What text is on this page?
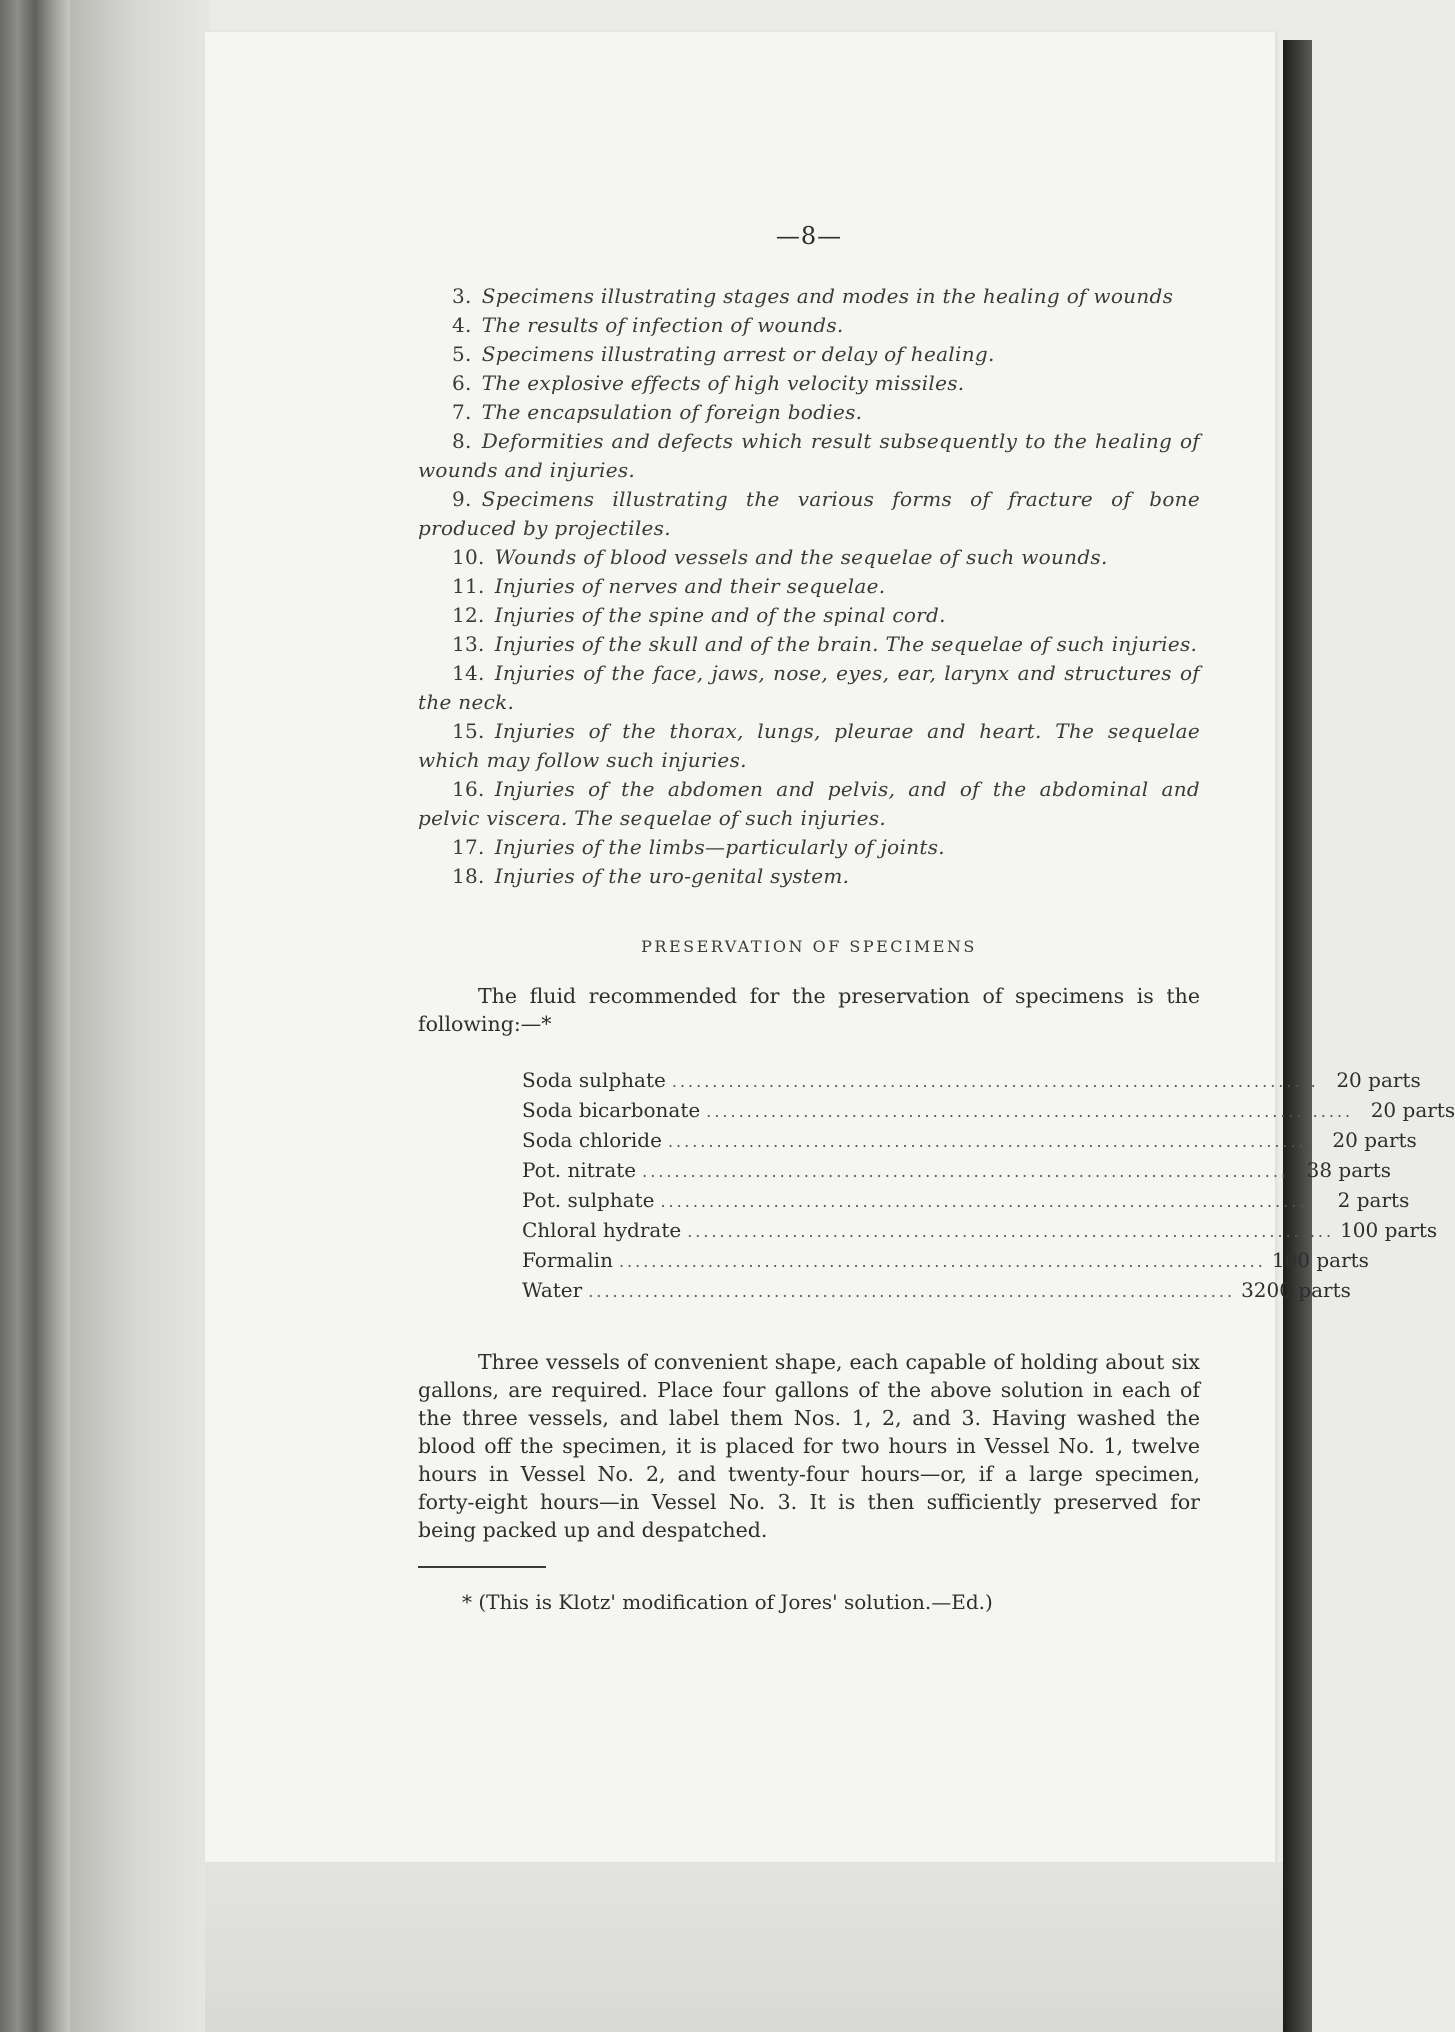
—8—
3. Specimens illustrating stages and modes in the healing of wounds
4. The results of infection of wounds.
5. Specimens illustrating arrest or delay of healing.
6. The explosive effects of high velocity missiles.
7. The encapsulation of foreign bodies.
8. Deformities and defects which result subsequently to the healing of wounds and injuries.
9. Specimens illustrating the various forms of fracture of bone produced by projectiles.
10. Wounds of blood vessels and the sequelae of such wounds.
11. Injuries of nerves and their sequelae.
12. Injuries of the spine and of the spinal cord.
13. Injuries of the skull and of the brain. The sequelae of such injuries.
14. Injuries of the face, jaws, nose, eyes, ear, larynx and structures of the neck.
15. Injuries of the thorax, lungs, pleurae and heart. The sequelae which may follow such injuries.
16. Injuries of the abdomen and pelvis, and of the abdominal and pelvic viscera. The sequelae of such injuries.
17. Injuries of the limbs—particularly of joints.
18. Injuries of the uro-genital system.
PRESERVATION OF SPECIMENS

The fluid recommended for the preservation of specimens is the following:—*

Soda sulphate ................................................................................ 20 parts
Soda bicarbonate ................................................................................ 20 parts
Soda chloride ................................................................................ 20 parts
Pot. nitrate ................................................................................ 38 parts
Pot. sulphate ................................................................................	2 parts
Chloral hydrate ................................................................................ 100 parts
Formalin ................................................................................ 100 parts
Water ................................................................................ 3200 parts

Three vessels of convenient shape, each capable of holding about six gallons, are required. Place four gallons of the above solution in each of the three vessels, and label them Nos. 1, 2, and 3. Having washed the blood off the specimen, it is placed for two hours in Vessel No. 1, twelve hours in Vessel No. 2, and twenty-four hours—or, if a large specimen, forty-eight hours—in Vessel No. 3. It is then sufficiently preserved for being packed up and despatched.

* (This is Klotz' modification of Jores' solution.—Ed.)
